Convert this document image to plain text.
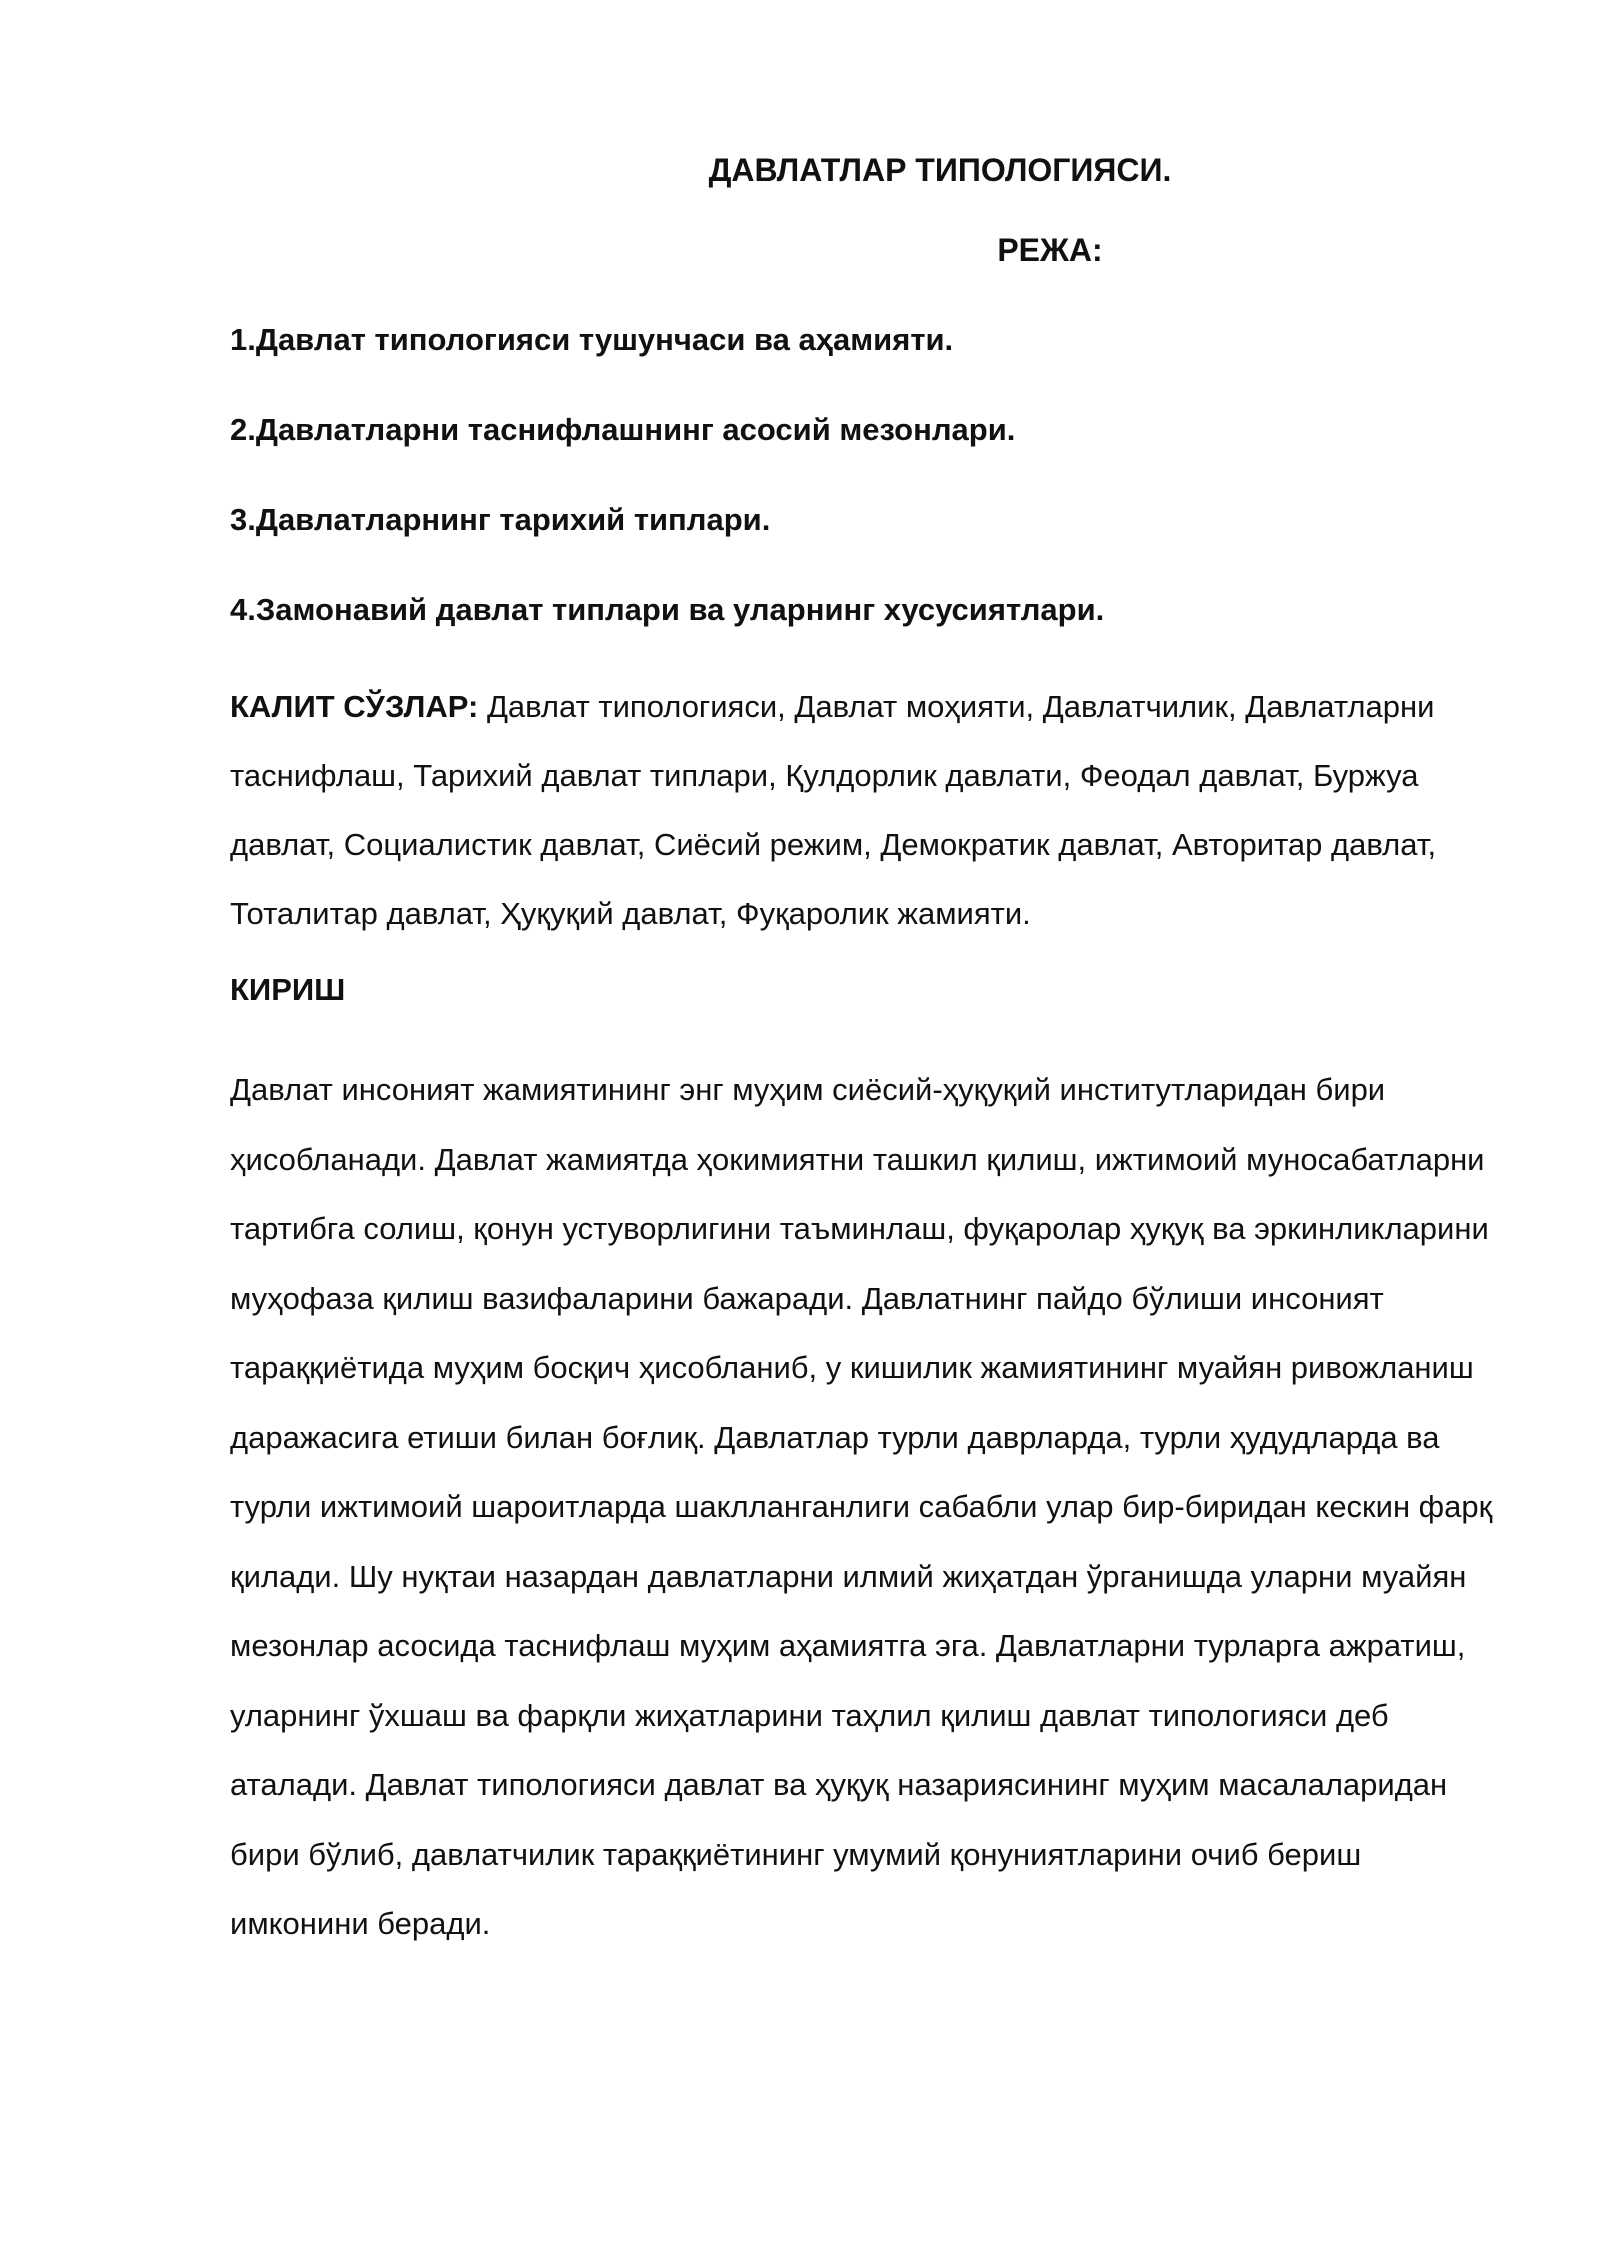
ДАВЛАТЛАР ТИПОЛОГИЯСИ.
РЕЖА:
1.Давлат типологияси тушунчаси ва аҳамияти.
2.Давлатларни таснифлашнинг асосий мезонлари.
3.Давлатларнинг тарихий типлари.
4.Замонавий давлат типлари ва уларнинг хусусиятлари.

КАЛИТ СЎЗЛАР: Давлат типологияси, Давлат моҳияти, Давлатчилик, Давлатларни таснифлаш, Тарихий давлат типлари, Қулдорлик давлати, Феодал давлат, Буржуа давлат, Социалистик давлат, Сиёсий режим, Демократик давлат, Авторитар давлат, Тоталитар давлат, Ҳуқуқий давлат, Фуқаролик жамияти.

КИРИШ

Давлат инсоният жамиятининг энг муҳим сиёсий-ҳуқуқий институтларидан бири ҳисобланади. Давлат жамиятда ҳокимиятни ташкил қилиш, ижтимоий муносабатларни тартибга солиш, қонун устуворлигини таъминлаш, фуқаролар ҳуқуқ ва эркинликларини муҳофаза қилиш вазифаларини бажаради. Давлатнинг пайдо бўлиши инсоният тараққиётида муҳим босқич ҳисобланиб, у кишилик жамиятининг муайян ривожланиш даражасига етиши билан боғлиқ. Давлатлар турли даврларда, турли ҳудудларда ва турли ижтимоий шароитларда шаклланганлиги сабабли улар бир-биридан кескин фарқ қилади. Шу нуқтаи назардан давлатларни илмий жиҳатдан ўрганишда уларни муайян мезонлар асосида таснифлаш муҳим аҳамиятга эга. Давлатларни турларга ажратиш, уларнинг ўхшаш ва фарқли жиҳатларини таҳлил қилиш давлат типологияси деб аталади. Давлат типологияси давлат ва ҳуқуқ назариясининг муҳим масалаларидан бири бўлиб, давлатчилик тараққиётининг умумий қонуниятларини очиб бериш имконини беради.
